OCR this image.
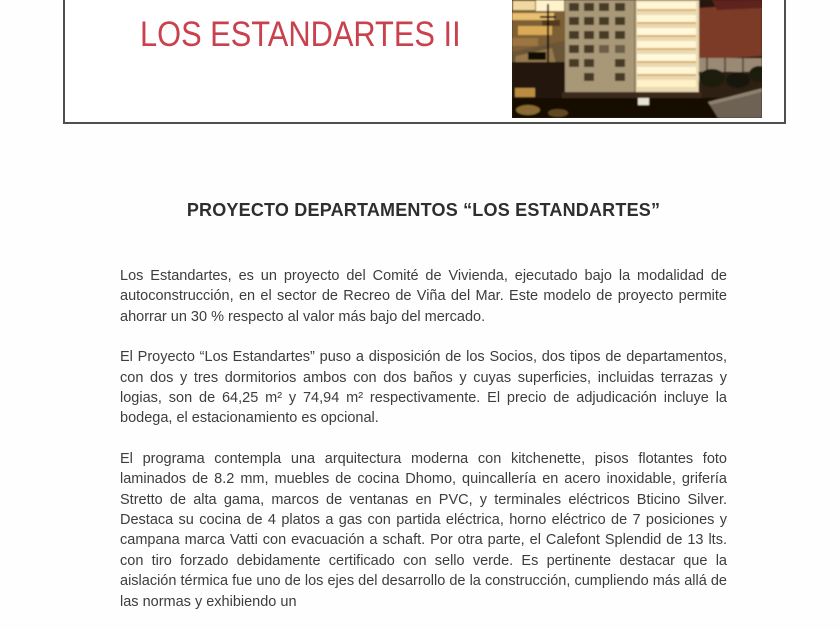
LOS ESTANDARTES II
PROYECTO DEPARTAMENTOS “LOS ESTANDARTES”

Los Estandartes, es un proyecto del Comité de Vivienda, ejecutado bajo la modalidad de autoconstrucción, en el sector de Recreo de Viña del Mar. Este modelo de proyecto permite ahorrar un 30 % respecto al valor más bajo del mercado.

El Proyecto “Los Estandartes” puso a disposición de los Socios, dos tipos de departamentos, con dos y tres dormitorios ambos con dos baños y cuyas superficies, incluidas terrazas y logias, son de 64,25 m² y 74,94 m² respectivamente. El precio de adjudicación incluye la bodega, el estacionamiento es opcional.

El programa contempla una arquitectura moderna con kitchenette, pisos flotantes foto laminados de 8.2 mm, muebles de cocina Dhomo, quincallería en acero inoxidable, grifería Stretto de alta gama, marcos de ventanas en PVC, y terminales eléctricos Bticino Silver. Destaca su cocina de 4 platos a gas con partida eléctrica, horno eléctrico de 7 posiciones y campana marca Vatti con evacuación a schaft. Por otra parte, el Calefont Splendid de 13 lts. con tiro forzado debidamente certificado con sello verde. Es pertinente destacar que la aislación térmica fue uno de los ejes del desarrollo de la construcción, cumpliendo más allá de las normas y exhibiendo un
